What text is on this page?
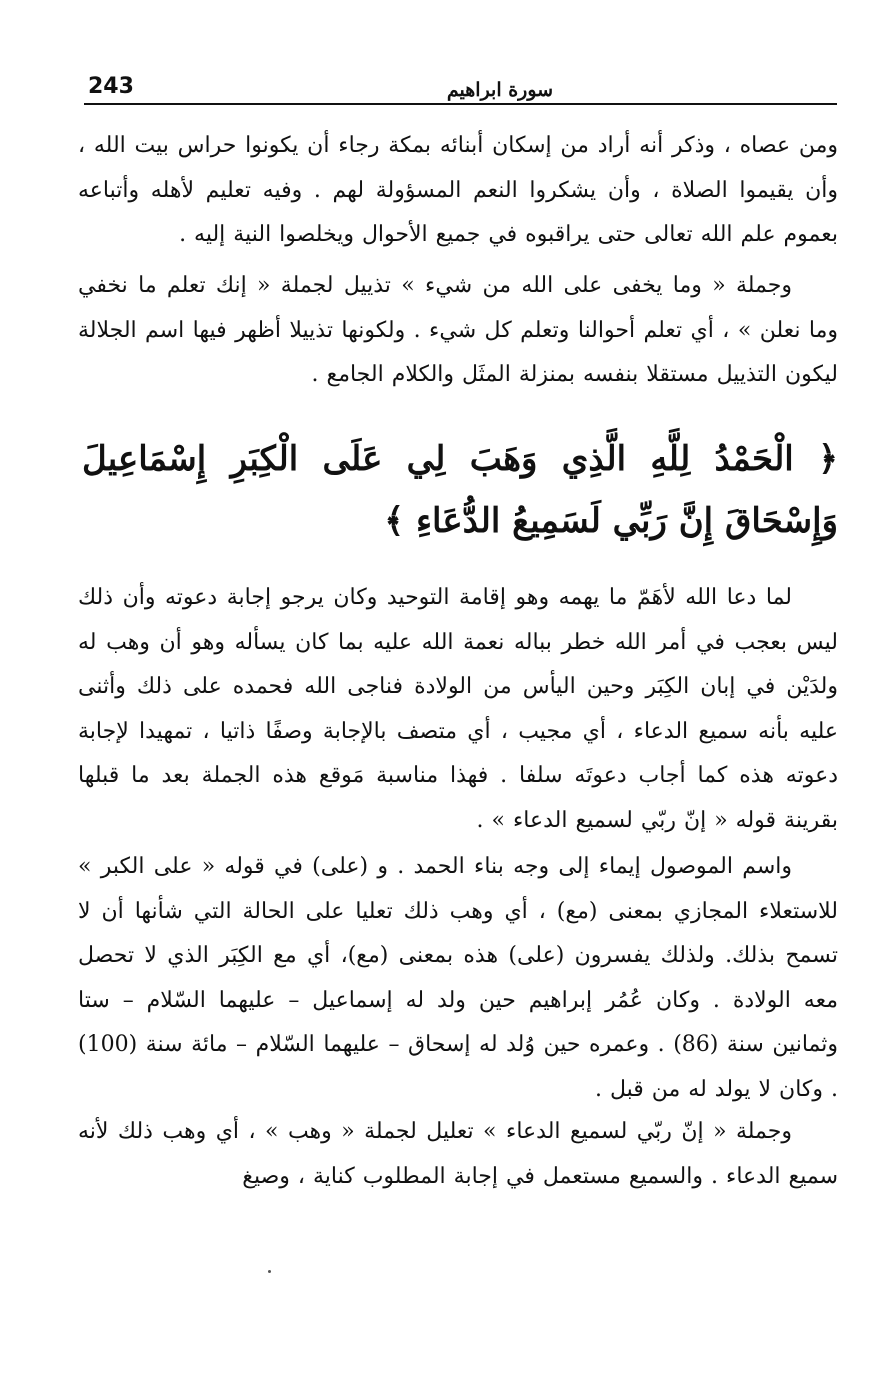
243	سورة ابراهيم
ومن عصاه ، وذكر أنه أراد من إسكان أبنائه بمكة رجاء أن يكونوا حراس بيت الله ، وأن يقيموا الصلاة ، وأن يشكروا النعم المسؤولة لهم . وفيه تعليم لأهله وأتباعه بعموم علم الله تعالى حتى يراقبوه في جميع الأحوال ويخلصوا النية إليه .
وجملة « وما يخفى على الله من شيء » تذييل لجملة « إنك تعلم ما نخفي وما نعلن » ، أي تعلم أحوالنا وتعلم كل شيء . ولكونها تذييلا أظهر فيها اسم الجلالة ليكون التذييل مستقلا بنفسه بمنزلة المثَل والكلام الجامع .
﴿ الْحَمْدُ لِلَّهِ الَّذِي وَهَبَ لِي عَلَى الْكِبَرِ إِسْمَاعِيلَ وَإِسْحَاقَ إِنَّ رَبِّي لَسَمِيعُ الدُّعَاءِ ﴾
لما دعا الله لأهَمّ ما يهمه وهو إقامة التوحيد وكان يرجو إجابة دعوته وأن ذلك ليس بعجب في أمر الله خطر بباله نعمة الله عليه بما كان يسأله وهو أن وهب له ولدَيْن في إبان الكِبَر وحين اليأس من الولادة فناجى الله فحمده على ذلك وأثنى عليه بأنه سميع الدعاء ، أي مجيب ، أي متصف بالإجابة وصفًا ذاتيا ، تمهيدا لإجابة دعوته هذه كما أجاب دعوتَه سلفا . فهذا مناسبة مَوقع هذه الجملة بعد ما قبلها بقرينة قوله « إنّ ربّي لسميع الدعاء » .
واسم الموصول إيماء إلى وجه بناء الحمد . و (على) في قوله « على الكبر » للاستعلاء المجازي بمعنى (مع) ، أي وهب ذلك تعليا على الحالة التي شأنها أن لا تسمح بذلك. ولذلك يفسرون (على) هذه بمعنى (مع)، أي مع الكِبَر الذي لا تحصل معه الولادة . وكان عُمُر إبراهيم حين ولد له إسماعيل – عليهما السّلام – ستا وثمانين سنة (86) . وعمره حين وُلد له إسحاق – عليهما السّلام – مائة سنة (100) . وكان لا يولد له من قبل .
وجملة « إنّ ربّي لسميع الدعاء » تعليل لجملة « وهب » ، أي وهب ذلك لأنه سميع الدعاء . والسميع مستعمل في إجابة المطلوب كناية ، وصيغ
